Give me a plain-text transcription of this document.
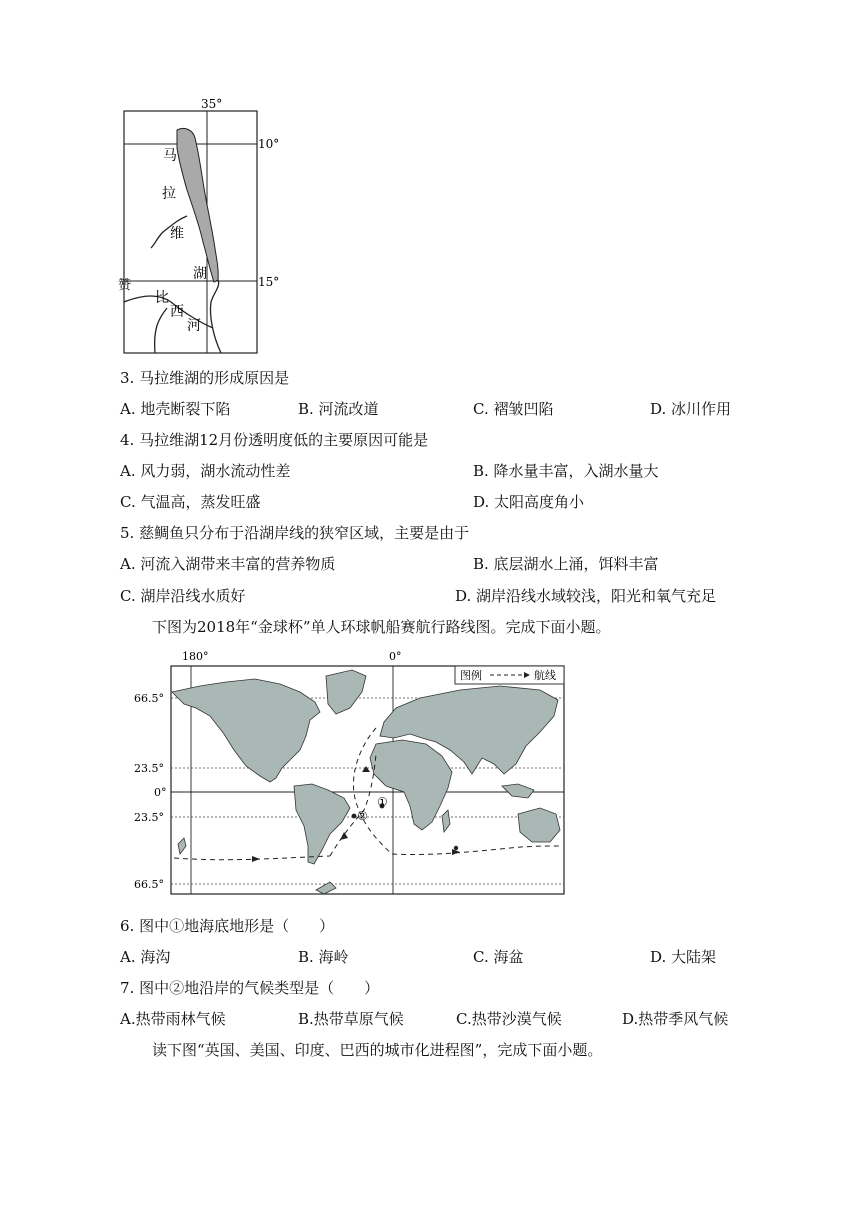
35°
10°
15°
马
拉
维
湖
赞
比
西
河
3. 马拉维湖的形成原因是
A. 地壳断裂下陷	B. 河流改道	C. 褶皱凹陷	D. 冰川作用
4. 马拉维湖12月份透明度低的主要原因可能是
A. 风力弱，湖水流动性差	B. 降水量丰富，入湖水量大
C. 气温高，蒸发旺盛	D. 太阳高度角小
5. 慈鲷鱼只分布于沿湖岸线的狭窄区域，主要是由于
A. 河流入湖带来丰富的营养物质	B. 底层湖水上涌，饵料丰富
C. 湖岸沿线水质好	D. 湖岸沿线水域较浅，阳光和氧气充足
下图为2018年“金球杯”单人环球帆船赛航行路线图。完成下面小题。
180°	0°
66.5°
23.5°
0°
23.5°
66.5°
图例	航线
①
②
6. 图中①地海底地形是（　　）
A. 海沟	B. 海岭	C. 海盆	D. 大陆架
7. 图中②地沿岸的气候类型是（　　）
A.热带雨林气候	B.热带草原气候	C.热带沙漠气候	D.热带季风气候
读下图“英国、美国、印度、巴西的城市化进程图”，完成下面小题。
